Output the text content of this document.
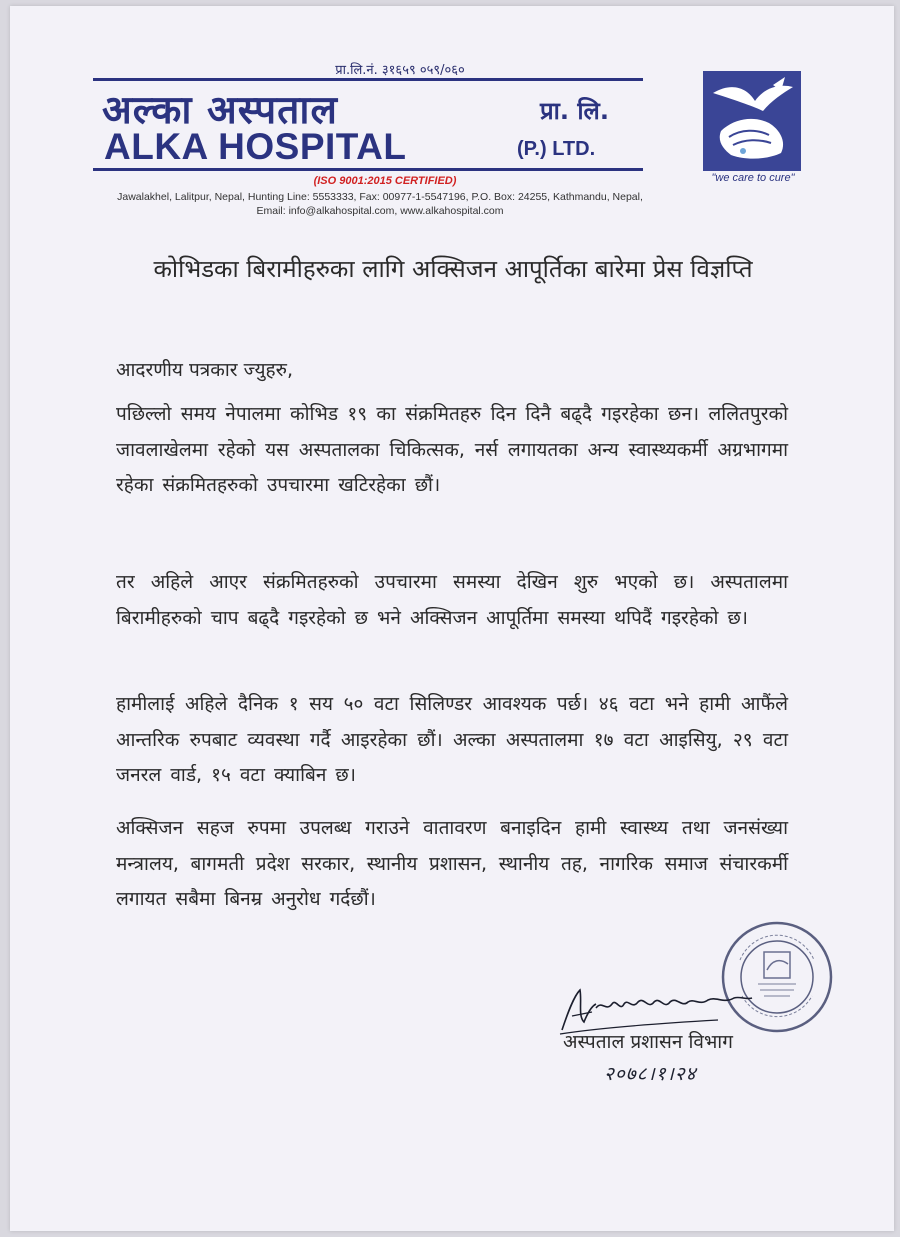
प्रा.लि.नं. ३१६५९ ०५९/०६०
अल्का अस्पताल	प्रा. लि.
ALKA HOSPITAL	(P.) LTD.
(ISO 9001:2015 CERTIFIED)
Jawalakhel, Lalitpur, Nepal, Hunting Line: 5553333, Fax: 00977-1-5547196, P.O. Box: 24255, Kathmandu, Nepal,
Email: info@alkahospital.com, www.alkahospital.com
"we care to cure"
कोभिडका बिरामीहरुका लागि अक्सिजन आपूर्तिका बारेमा प्रेस विज्ञप्ति
आदरणीय पत्रकार ज्युहरु,
पछिल्लो समय नेपालमा कोभिड १९ का संक्रमितहरु दिन दिनै बढ्दै गइरहेका छन। ललितपुरको जावलाखेलमा रहेको यस अस्पतालका चिकित्सक, नर्स लगायतका अन्य स्वास्थ्यकर्मी अग्रभागमा रहेका संक्रमितहरुको उपचारमा खटिरहेका छौं।
तर अहिले आएर संक्रमितहरुको उपचारमा समस्या देखिन शुरु भएको छ। अस्पतालमा बिरामीहरुको चाप बढ्दै गइरहेको छ भने अक्सिजन आपूर्तिमा समस्या थपिदैं गइरहेको छ।
हामीलाई अहिले दैनिक १ सय ५० वटा सिलिण्डर आवश्यक पर्छ। ४६ वटा भने हामी आफैंले आन्तरिक रुपबाट व्यवस्था गर्दै आइरहेका छौं। अल्का अस्पतालमा १७ वटा आइसियु, २९ वटा जनरल वार्ड, १५ वटा क्याबिन छ।
अक्सिजन सहज रुपमा उपलब्ध गराउने वातावरण बनाइदिन हामी स्वास्थ्य तथा जनसंख्या मन्त्रालय, बागमती प्रदेश सरकार, स्थानीय प्रशासन, स्थानीय तह, नागरिक समाज संचारकर्मी लगायत सबैमा बिनम्र अनुरोध गर्दछौं।
अस्पताल प्रशासन विभाग
२०७८।१।२४
